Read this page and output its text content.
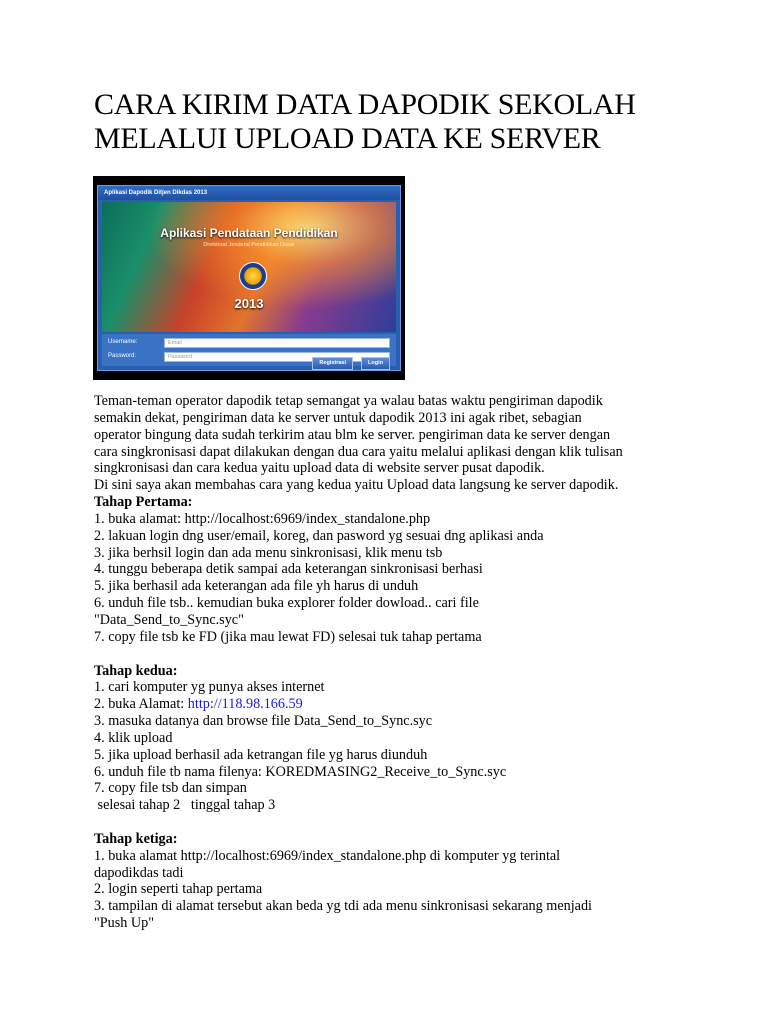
CARA KIRIM DATA DAPODIK SEKOLAH MELALUI UPLOAD DATA KE SERVER
Aplikasi Dapodik Ditjen Dikdas 2013
Aplikasi Pendataan Pendidikan
Direktorat Jenderal Pendidikan Dasar
2013
Username:	Email
Password:	Password
Registrasi	Login

Teman-teman operator dapodik tetap semangat ya walau batas waktu pengiriman dapodik

semakin dekat, pengiriman data ke server untuk dapodik 2013 ini agak ribet, sebagian

operator bingung data sudah terkirim atau blm ke server. pengiriman data ke server dengan

cara singkronisasi dapat dilakukan dengan dua cara yaitu melalui aplikasi dengan klik tulisan

singkronisasi dan cara kedua yaitu upload data di website server pusat dapodik.

Di sini saya akan membahas cara yang kedua yaitu Upload data langsung ke server dapodik.

Tahap Pertama:

1. buka alamat: http://localhost:6969/index_standalone.php

2. lakuan login dng user/email, koreg, dan pasword yg sesuai dng aplikasi anda

3. jika berhsil login dan ada menu sinkronisasi, klik menu tsb

4. tunggu beberapa detik sampai ada keterangan sinkronisasi berhasi

5. jika berhasil ada keterangan ada file yh harus di unduh

6. unduh file tsb.. kemudian buka explorer folder dowload.. cari file

"Data_Send_to_Sync.syc"

7. copy file tsb ke FD (jika mau lewat FD) selesai tuk tahap pertama

Tahap kedua:

1. cari komputer yg punya akses internet

2. buka Alamat: http://118.98.166.59

3. masuka datanya dan browse file Data_Send_to_Sync.syc

4. klik upload

5. jika upload berhasil ada ketrangan file yg harus diunduh

6. unduh file tb nama filenya: KOREDMASING2_Receive_to_Sync.syc

7. copy file tsb dan simpan

selesai tahap 2   tinggal tahap 3

Tahap ketiga:

1. buka alamat http://localhost:6969/index_standalone.php di komputer yg terintal

dapodikdas tadi

2. login seperti tahap pertama

3. tampilan di alamat tersebut akan beda yg tdi ada menu sinkronisasi sekarang menjadi

"Push Up"
